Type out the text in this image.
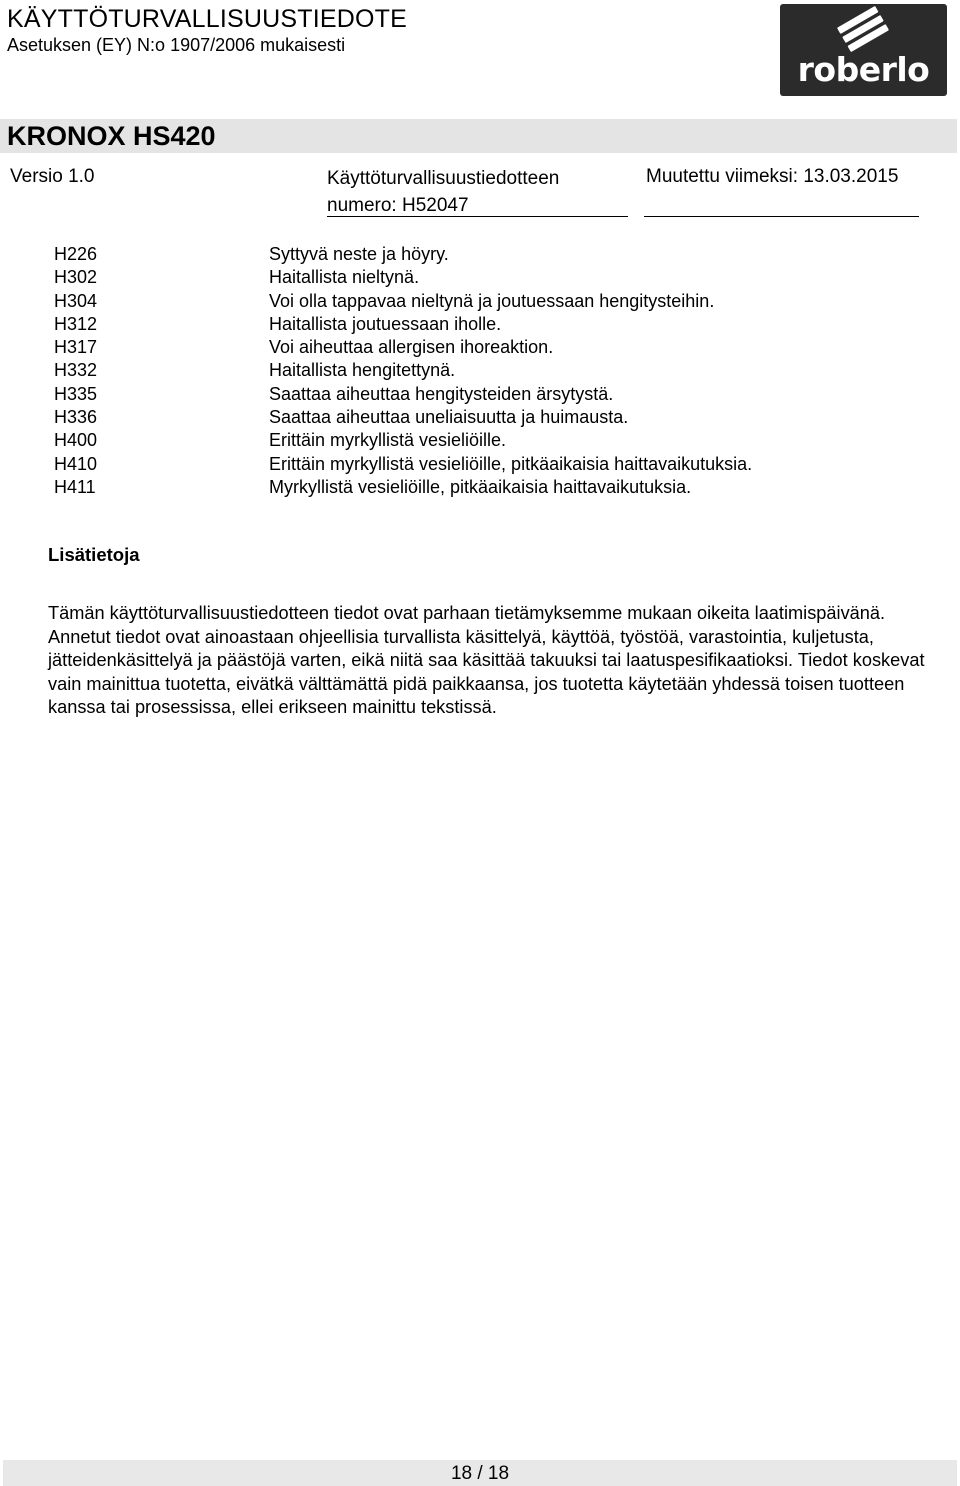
KÄYTTÖTURVALLISUUSTIEDOTE
Asetuksen (EY) N:o 1907/2006 mukaisesti
roberlo
KRONOX HS420
Versio 1.0	Käyttöturvallisuustiedotteen numero: H52047
Muutettu viimeksi: 13.03.2015
H226	Syttyvä neste ja höyry.
H302	Haitallista nieltynä.
H304	Voi olla tappavaa nieltynä ja joutuessaan hengitysteihin.
H312	Haitallista joutuessaan iholle.
H317	Voi aiheuttaa allergisen ihoreaktion.
H332	Haitallista hengitettynä.
H335	Saattaa aiheuttaa hengitysteiden ärsytystä.
H336	Saattaa aiheuttaa uneliaisuutta ja huimausta.
H400	Erittäin myrkyllistä vesieliöille.
H410	Erittäin myrkyllistä vesieliöille, pitkäaikaisia haittavaikutuksia.
H411	Myrkyllistä vesieliöille, pitkäaikaisia haittavaikutuksia.
Lisätietoja

Tämän käyttöturvallisuustiedotteen tiedot ovat parhaan tietämyksemme mukaan oikeita laatimispäivänä. Annetut tiedot ovat ainoastaan ohjeellisia turvallista käsittelyä, käyttöä, työstöä, varastointia, kuljetusta, jätteidenkäsittelyä ja päästöjä varten, eikä niitä saa käsittää takuuksi tai laatuspesifikaatioksi. Tiedot koskevat vain mainittua tuotetta, eivätkä välttämättä pidä paikkaansa, jos tuotetta käytetään yhdessä toisen tuotteen kanssa tai prosessissa, ellei erikseen mainittu tekstissä.

18 / 18
